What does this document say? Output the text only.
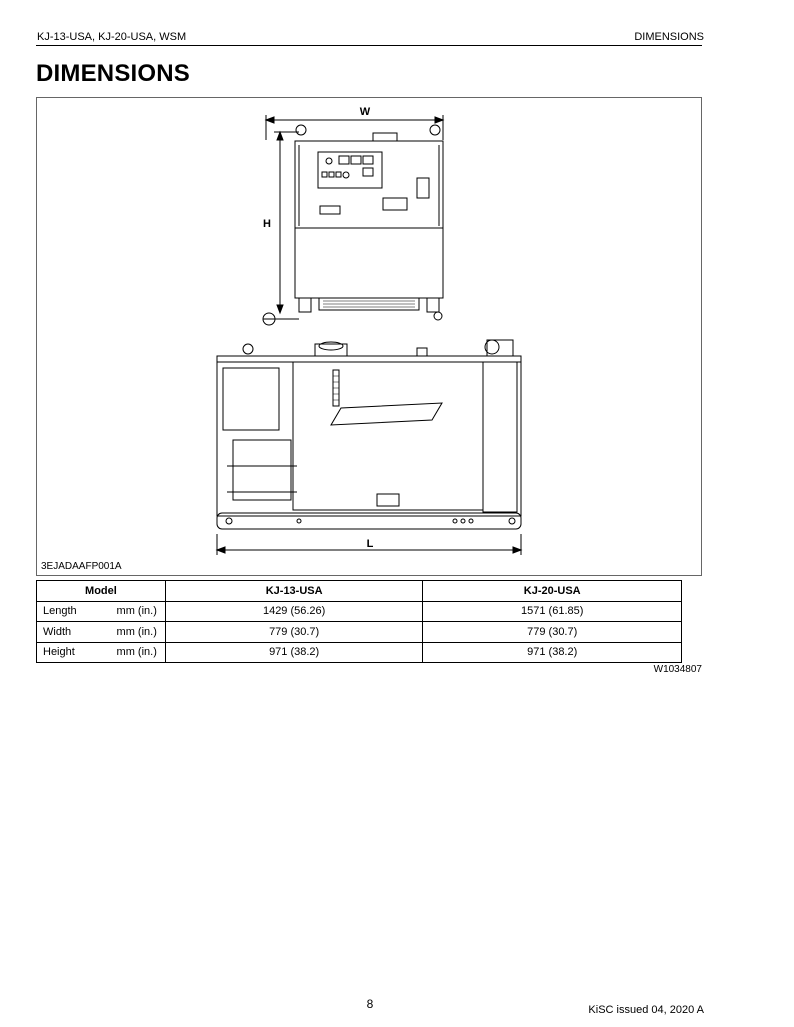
KJ-13-USA, KJ-20-USA, WSM	DIMENSIONS
DIMENSIONS
W
H
L
3EJADAAFP001A
Model	KJ-13-USA	KJ-20-USA

Length mm (in.)	1429 (56.26)	1571 (61.85)

Width mm (in.)	779 (30.7)	779 (30.7)

Height mm (in.)	971 (38.2)	971 (38.2)
W1034807
8	KiSC issued 04, 2020 A
